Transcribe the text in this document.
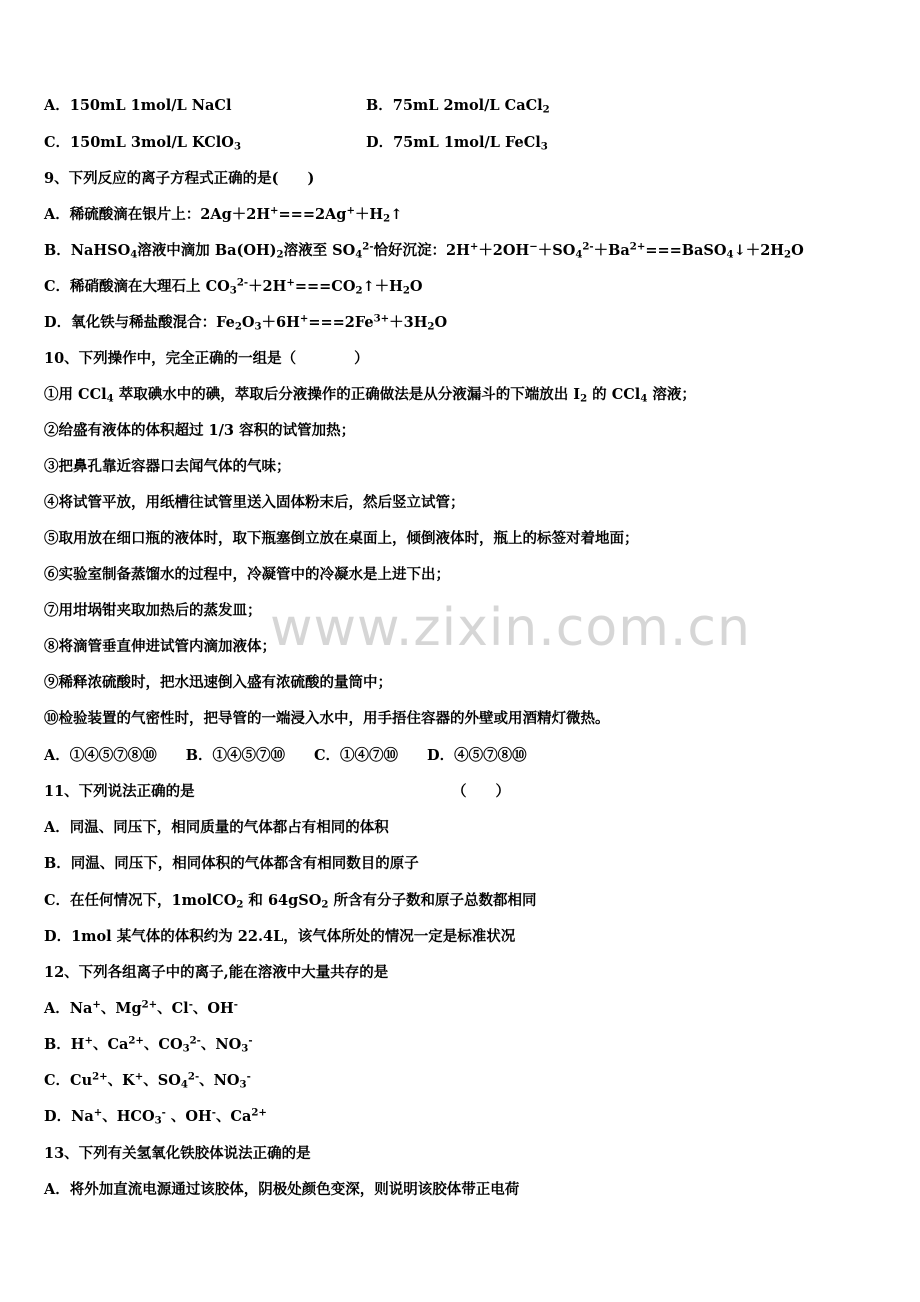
A．150mL 1mol/L NaCl	B．75mL 2mol/L CaCl$_2$
C．150mL 3mol/L KClO$_3$	D．75mL 1mol/L FeCl$_3$
9、下列反应的离子方程式正确的是(　　)
A．稀硫酸滴在银片上：$2Ag+2H^+===2Ag^++H_2↑$
B．NaHSO$_4$溶液中滴加 $Ba(OH)_2$溶液至 $SO_4^{2-}$恰好沉淀：$2H^++2OH^-+SO_4^{2-}+Ba^{2+}===BaSO_4↓+2H_2O$
C．稀硝酸滴在大理石上 $CO_3^{2-}+2H^+===CO_2↑+H_2O$
D．氧化铁与稀盐酸混合：$Fe_2O_3+6H^+===2Fe^{3+}+3H_2O$
10、下列操作中，完全正确的一组是（　　　　）
①用 CCl$_4$ 萃取碘水中的碘，萃取后分液操作的正确做法是从分液漏斗的下端放出 $I_2$ 的 CCl$_4$ 溶液；
②给盛有液体的体积超过 1/3 容积的试管加热；
③把鼻孔靠近容器口去闻气体的气味；
④将试管平放，用纸槽往试管里送入固体粉末后，然后竖立试管；
⑤取用放在细口瓶的液体时，取下瓶塞倒立放在桌面上，倾倒液体时，瓶上的标签对着地面；
⑥实验室制备蒸馏水的过程中，冷凝管中的冷凝水是上进下出；
⑦用坩埚钳夹取加热后的蒸发皿；
⑧将滴管垂直伸进试管内滴加液体；
⑨稀释浓硫酸时，把水迅速倒入盛有浓硫酸的量筒中；
⑩检验装置的气密性时，把导管的一端浸入水中，用手捂住容器的外壁或用酒精灯微热。
A．①④⑤⑦⑧⑩　　B．①④⑤⑦⑩　　C．①④⑦⑩　　D．④⑤⑦⑧⑩
11、下列说法正确的是	（　　）
A．同温、同压下，相同质量的气体都占有相同的体积
B．同温、同压下，相同体积的气体都含有相同数目的原子
C．在任何情况下，1molCO$_2$ 和 64gSO$_2$ 所含有分子数和原子总数都相同
D．1mol 某气体的体积约为 22.4L，该气体所处的情况一定是标准状况
12、下列各组离子中的离子,能在溶液中大量共存的是
A．Na+、$Mg^{2+}$、Cl-、OH-
B．H+、$Ca^{2+}$、$CO_3^{2-}$、$NO_3^-$
C．$Cu^{2+}$、K+、$SO_4^{2-}$、$NO_3^-$
D．Na+、$HCO_3^-$ 、OH-、$Ca^{2+}$
13、下列有关氢氧化铁胶体说法正确的是
A．将外加直流电源通过该胶体，阴极处颜色变深，则说明该胶体带正电荷
www.zixin.com.cn
